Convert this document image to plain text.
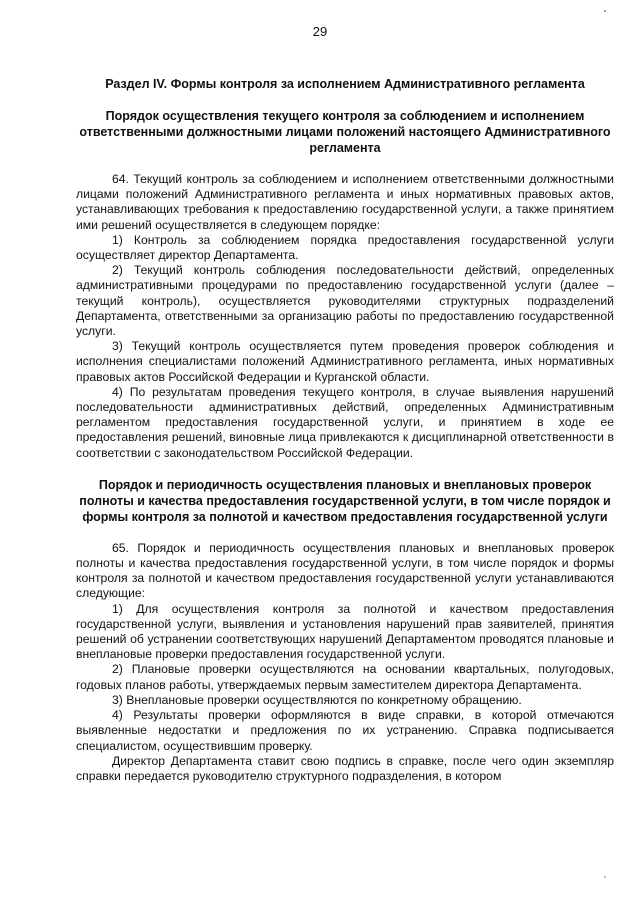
29
Раздел IV. Формы контроля за исполнением Административного регламента
Порядок осуществления текущего контроля за соблюдением и исполнением ответственными должностными лицами положений настоящего Административного регламента

64. Текущий контроль за соблюдением и исполнением ответственными должностными лицами положений Административного регламента и иных нормативных правовых актов, устанавливающих требования к предоставлению государственной услуги, а также принятием ими решений осуществляется в следующем порядке:

1) Контроль за соблюдением порядка предоставления государственной услуги осуществляет директор Департамента.

2) Текущий контроль соблюдения последовательности действий, определенных административными процедурами по предоставлению государственной услуги (далее – текущий контроль), осуществляется руководителями структурных подразделений Департамента, ответственными за организацию работы по предоставлению государственной услуги.

3) Текущий контроль осуществляется путем проведения проверок соблюдения и исполнения специалистами положений Административного регламента, иных нормативных правовых актов Российской Федерации и Курганской области.

4) По результатам проведения текущего контроля, в случае выявления нарушений последовательности административных действий, определенных Административным регламентом предоставления государственной услуги, и принятием в ходе ее предоставления решений, виновные лица привлекаются к дисциплинарной ответственности в соответствии с законодательством Российской Федерации.

Порядок и периодичность осуществления плановых и внеплановых проверок полноты и качества предоставления государственной услуги, в том числе порядок и формы контроля за полнотой и качеством предоставления государственной услуги

65. Порядок и периодичность осуществления плановых и внеплановых проверок полноты и качества предоставления государственной услуги, в том числе порядок и формы контроля за полнотой и качеством предоставления государственной услуги устанавливаются следующие:

1) Для осуществления контроля за полнотой и качеством предоставления государственной услуги, выявления и установления нарушений прав заявителей, принятия решений об устранении соответствующих нарушений Департаментом проводятся плановые и внеплановые проверки предоставления государственной услуги.

2) Плановые проверки осуществляются на основании квартальных, полугодовых, годовых планов работы, утверждаемых первым заместителем директора Департамента.

3) Внеплановые проверки осуществляются по конкретному обращению.

4) Результаты проверки оформляются в виде справки, в которой отмечаются выявленные недостатки и предложения по их устранению. Справка подписывается специалистом, осуществившим проверку.

Директор Департамента ставит свою подпись в справке, после чего один экземпляр справки передается руководителю структурного подразделения, в котором
